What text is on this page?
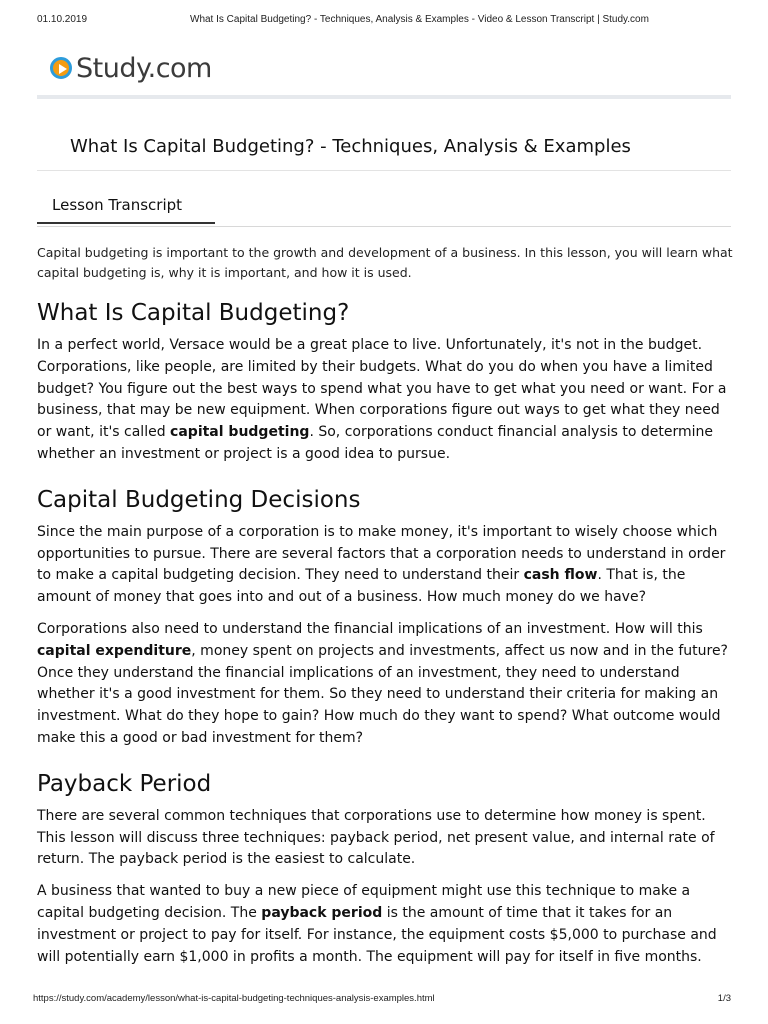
01.10.2019	What Is Capital Budgeting? - Techniques, Analysis & Examples - Video & Lesson Transcript | Study.com
Study.com
What Is Capital Budgeting? - Techniques, Analysis & Examples
Lesson Transcript

Capital budgeting is important to the growth and development of a business. In this lesson, you will learn what capital budgeting is, why it is important, and how it is used.

What Is Capital Budgeting?

In a perfect world, Versace would be a great place to live. Unfortunately, it's not in the budget. Corporations, like people, are limited by their budgets. What do you do when you have a limited budget? You figure out the best ways to spend what you have to get what you need or want. For a business, that may be new equipment. When corporations figure out ways to get what they need or want, it's called capital budgeting. So, corporations conduct financial analysis to determine whether an investment or project is a good idea to pursue.

Capital Budgeting Decisions

Since the main purpose of a corporation is to make money, it's important to wisely choose which opportunities to pursue. There are several factors that a corporation needs to understand in order to make a capital budgeting decision. They need to understand their cash flow. That is, the amount of money that goes into and out of a business. How much money do we have?

Corporations also need to understand the financial implications of an investment. How will this capital expenditure, money spent on projects and investments, affect us now and in the future? Once they understand the financial implications of an investment, they need to understand whether it's a good investment for them. So they need to understand their criteria for making an investment. What do they hope to gain? How much do they want to spend? What outcome would make this a good or bad investment for them?

Payback Period

There are several common techniques that corporations use to determine how money is spent. This lesson will discuss three techniques: payback period, net present value, and internal rate of return. The payback period is the easiest to calculate.

A business that wanted to buy a new piece of equipment might use this technique to make a capital budgeting decision. The payback period is the amount of time that it takes for an investment or project to pay for itself. For instance, the equipment costs $5,000 to purchase and will potentially earn $1,000 in profits a month. The equipment will pay for itself in five months.

https://study.com/academy/lesson/what-is-capital-budgeting-techniques-analysis-examples.html	1/3
